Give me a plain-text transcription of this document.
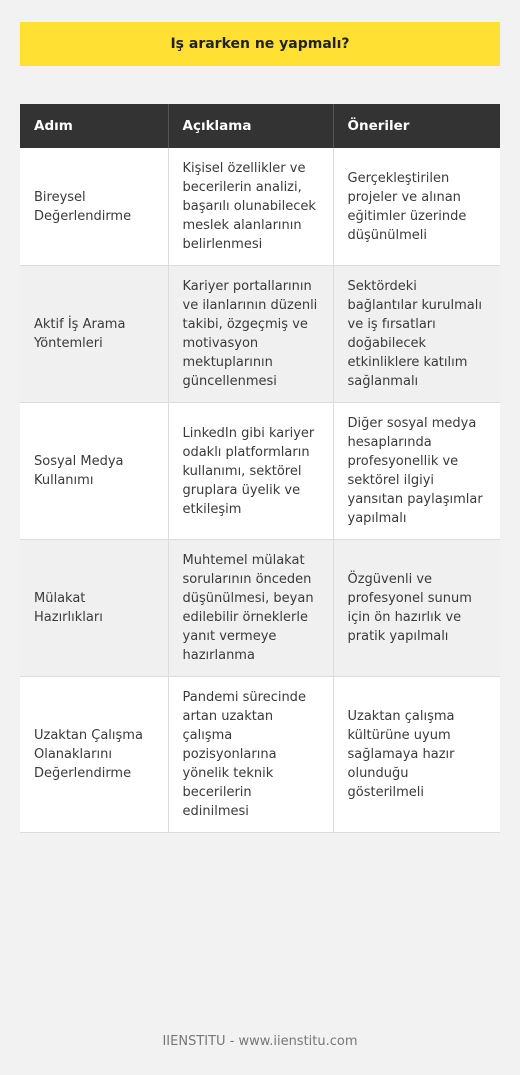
Iş ararken ne yapmalı?
Adım	Açıklama	Öneriler
Bireysel Değerlendirme	Kişisel özellikler ve becerilerin analizi, başarılı olunabilecek meslek alanlarının belirlenmesi	Gerçekleştirilen projeler ve alınan eğitimler üzerinde düşünülmeli
Aktif İş Arama Yöntemleri	Kariyer portallarının ve ilanlarının düzenli takibi, özgeçmiş ve motivasyon mektuplarının güncellenmesi	Sektördeki bağlantılar kurulmalı ve iş fırsatları doğabilecek etkinliklere katılım sağlanmalı
Sosyal Medya Kullanımı	LinkedIn gibi kariyer odaklı platformların kullanımı, sektörel gruplara üyelik ve etkileşim	Diğer sosyal medya hesaplarında profesyonellik ve sektörel ilgiyi yansıtan paylaşımlar yapılmalı
Mülakat Hazırlıkları	Muhtemel mülakat sorularının önceden düşünülmesi, beyan edilebilir örneklerle yanıt vermeye hazırlanma	Özgüvenli ve profesyonel sunum için ön hazırlık ve pratik yapılmalı
Uzaktan Çalışma Olanaklarını Değerlendirme	Pandemi sürecinde artan uzaktan çalışma pozisyonlarına yönelik teknik becerilerin edinilmesi	Uzaktan çalışma kültürüne uyum sağlamaya hazır olunduğu gösterilmeli
IIENSTITU - www.iienstitu.com
